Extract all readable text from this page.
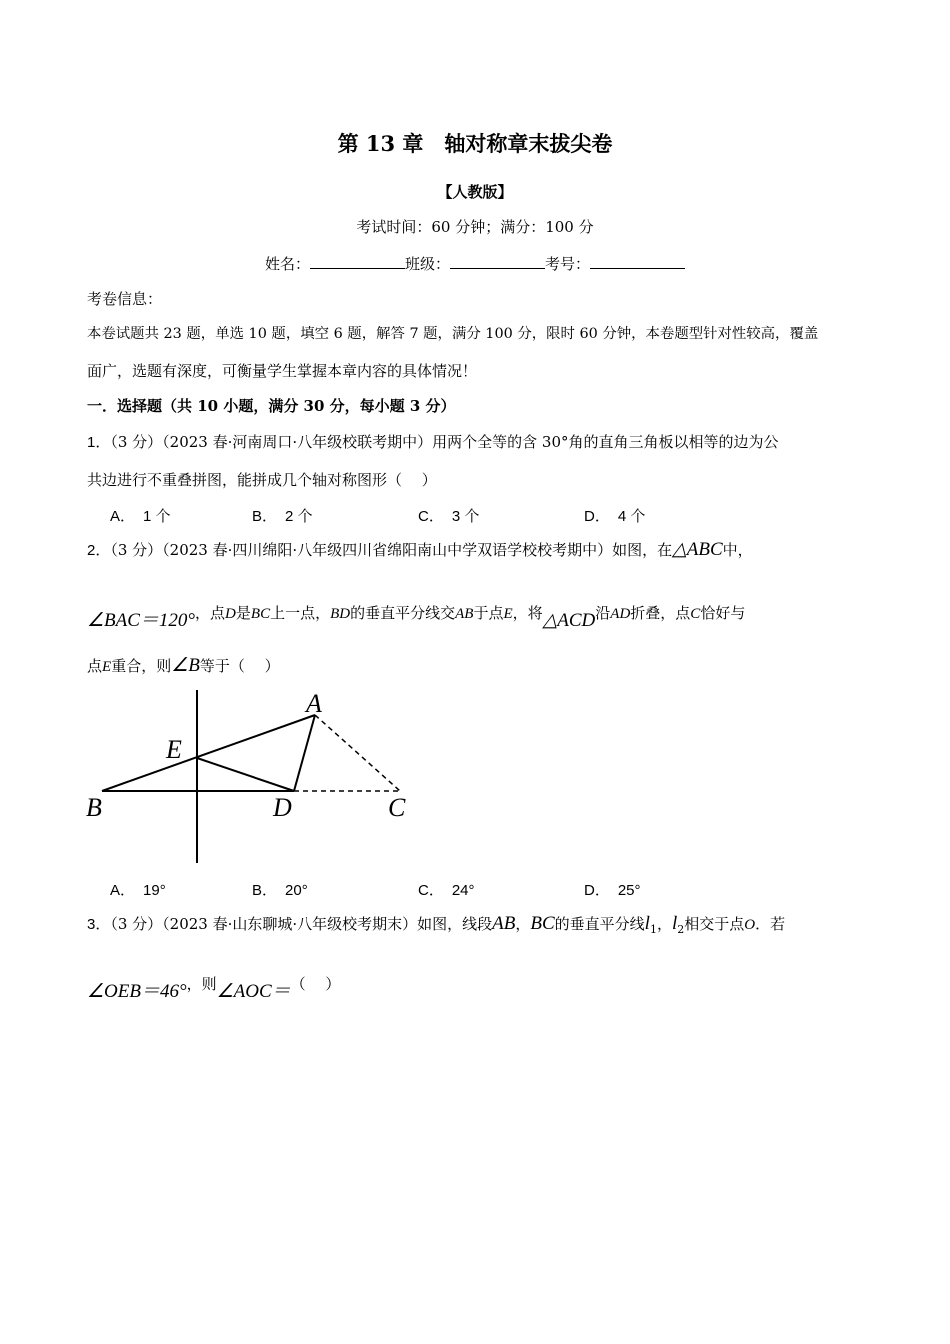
第 13 章　轴对称章末拔尖卷
【人教版】
考试时间：60 分钟；满分：100 分
姓名：	班级：	考号：
考卷信息：
本卷试题共 23 题，单选 10 题，填空 6 题，解答 7 题，满分 100 分，限时 60 分钟，本卷题型针对性较高，覆盖
面广，选题有深度，可衡量学生掌握本章内容的具体情况！
一．选择题（共 10 小题，满分 30 分，每小题 3 分）
1．（3 分）（2023 春·河南周口·八年级校联考期中）用两个全等的含 30°角的直角三角板以相等的边为公
共边进行不重叠拼图，能拼成几个轴对称图形（　 ）
A． 1 个	B． 2 个	C． 3 个	D． 4 个
2．（3 分）（2023 春·四川绵阳·八年级四川省绵阳南山中学双语学校校考期中）如图，在△ABC中，
∠BAC＝120°，点D是BC上一点，BD的垂直平分线交AB于点E，将△ACD沿AD折叠，点C恰好与
点E重合，则∠B等于（　 ）
A
E
B	D	C
A． 19°	B． 20°	C． 24°	D． 25°
3．（3 分）（2023 春·山东聊城·八年级校考期末）如图，线段AB，BC的垂直平分线$l_1$，$l_2$相交于点O．若
∠OEB＝46°，则∠AOC＝（　 ）
